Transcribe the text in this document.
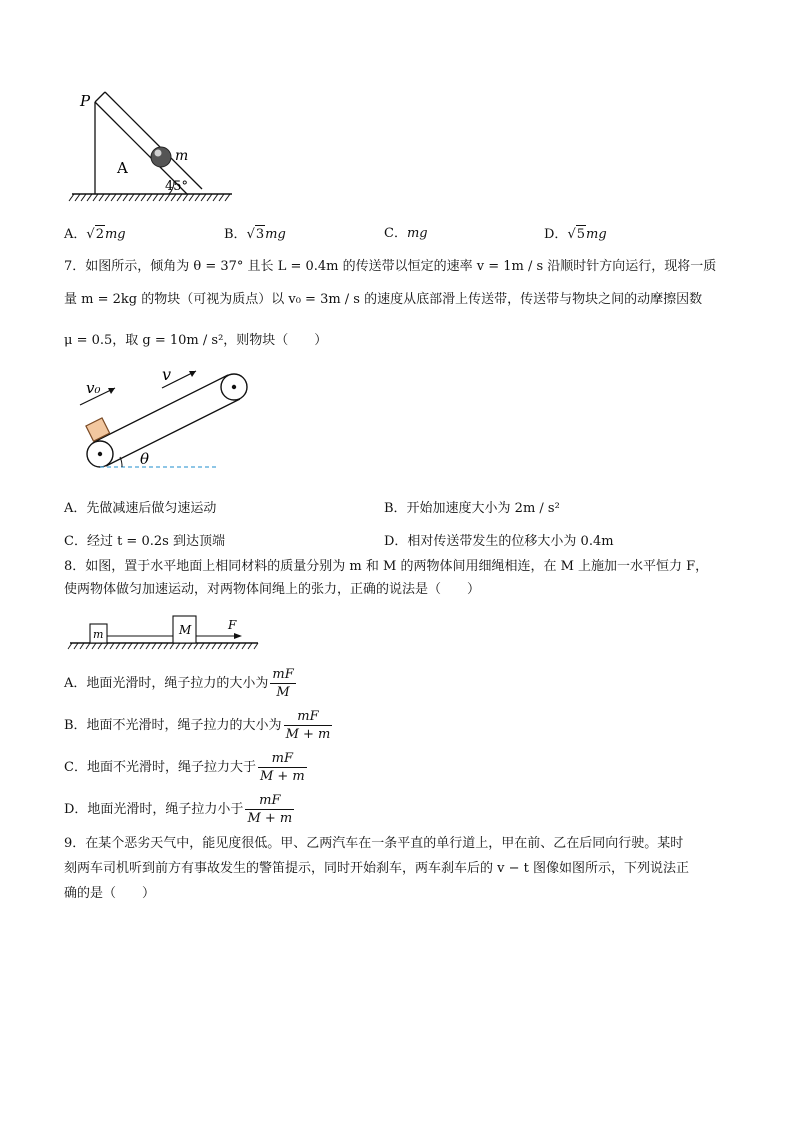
P
A
m
45°
A．√2mg	B．√3mg	C．mg	D．√5mg
7．如图所示，倾角为 θ = 37° 且长 L = 0.4m 的传送带以恒定的速率 v = 1m / s 沿顺时针方向运行，现将一质
量 m = 2kg 的物块（可视为质点）以 v₀ = 3m / s 的速度从底部滑上传送带，传送带与物块之间的动摩擦因数
μ = 0.5，取 g = 10m / s²，则物块（　　）
v₀
v
θ
A．先做减速后做匀速运动	B．开始加速度大小为 2m / s²
C．经过 t = 0.2s 到达顶端	D．相对传送带发生的位移大小为 0.4m
8．如图，置于水平地面上相同材料的质量分别为 m 和 M 的两物体间用细绳相连，在 M 上施加一水平恒力 F，
使两物体做匀加速运动，对两物体间绳上的张力，正确的说法是（　　）
m	M	F
A．地面光滑时，绳子拉力的大小为 $\frac{mF}{M}$
B．地面不光滑时，绳子拉力的大小为 $\frac{mF}{M + m}$
C．地面不光滑时，绳子拉力大于 $\frac{mF}{M + m}$
D．地面光滑时，绳子拉力小于 $\frac{mF}{M + m}$
9．在某个恶劣天气中，能见度很低。甲、乙两汽车在一条平直的单行道上，甲在前、乙在后同向行驶。某时
刻两车司机听到前方有事故发生的警笛提示，同时开始刹车，两车刹车后的 v − t 图像如图所示，下列说法正
确的是（　　）
